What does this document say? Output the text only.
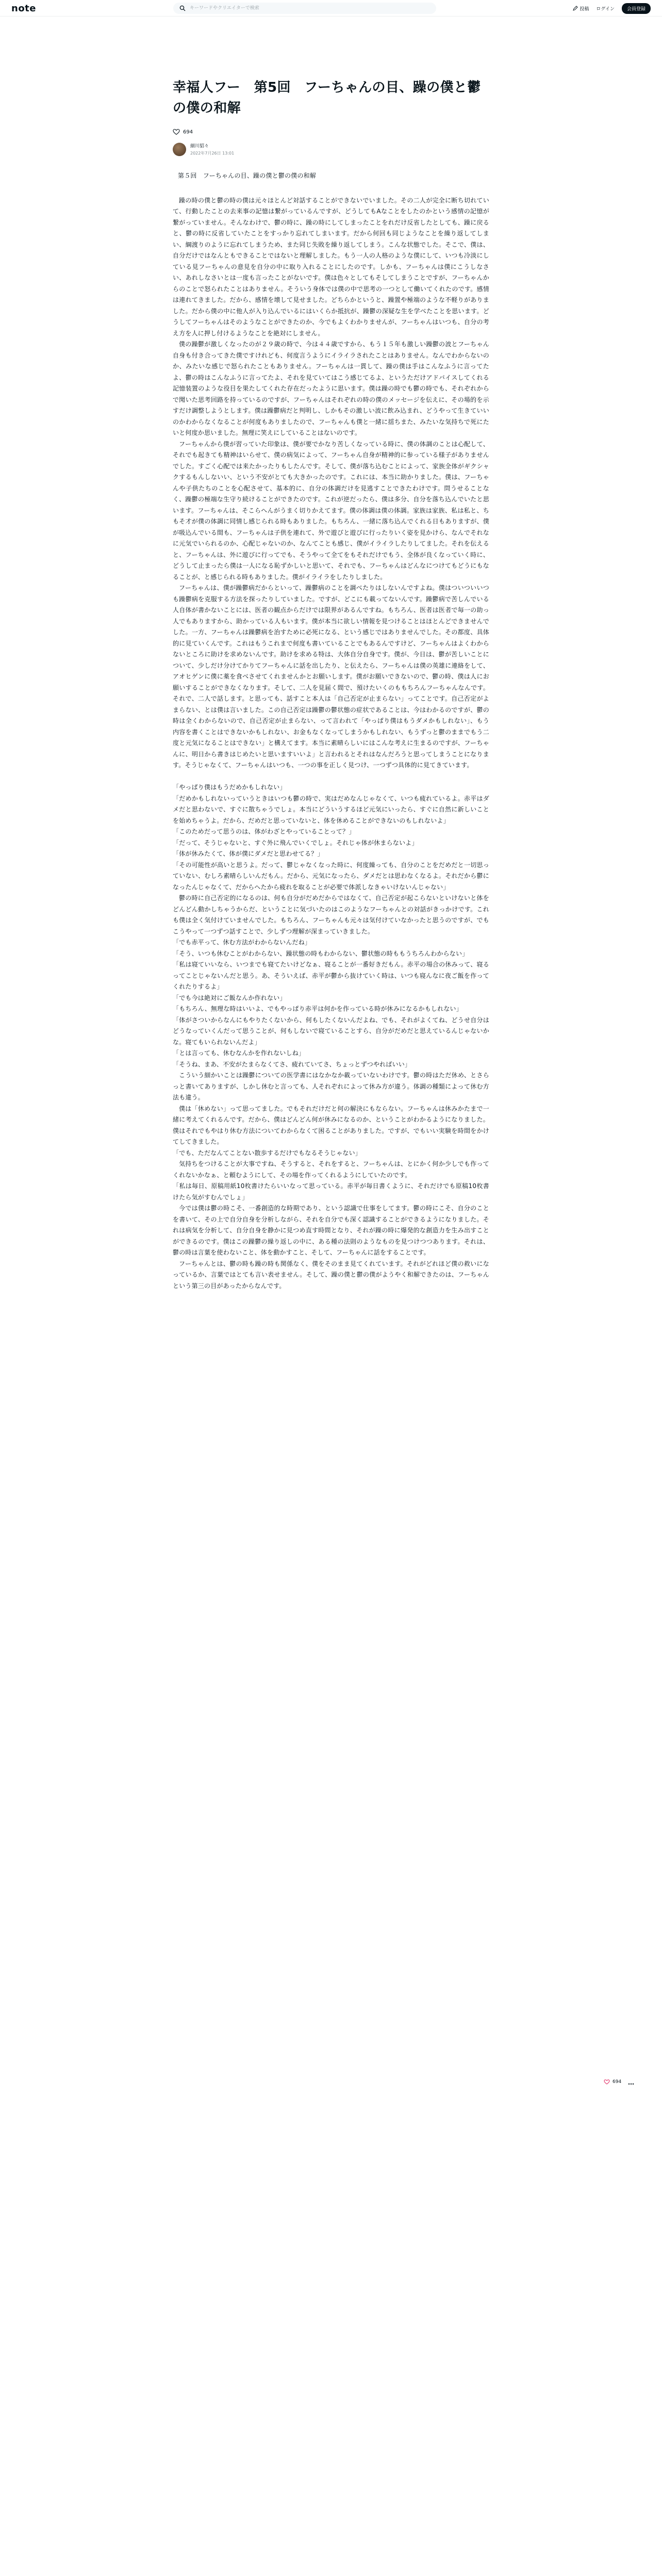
note
キーワードやクリエイターで検索	投稿 ログイン	会員登録
幸福人フー　第5回　フーちゃんの目、躁の僕と鬱の僕の和解
694
細川貂々
2022年7月26日 13:01
第５回　フーちゃんの目、躁の僕と鬱の僕の和解

躁の時の僕と鬱の時の僕は元々ほとんど対話することができないでいました。その二人が完全に断ち切れていて、行動したことの去来事の記憶は繋がっているんですが、どうしてもAなことをしたのかという感情の記憶が繋がっていません。そんなわけで、鬱の時に、躁の時にしてしまったことをれだけ反省したとしても、躁に戻ると、鬱の時に反省していたことをすっかり忘れてしまいます。だから何回も同じようなことを繰り返してしまい、綱渡りのように忘れてしまうため、また同じ失敗を繰り返してしまう。こんな状態でした。そこで、僕は、自分だけではなんともできることではないと理解しました。もう一人の人格のような僕にして、いつも冷淡にしている見フーちゃんの意見を自分の中に取り入れることにしたのです。しかも、フーちゃんは僕にこうしなさい、あれしなさいとは一度も言ったことがないです。僕は色々としてもそしてしまうことですが、フーちゃんからのことで怒られたことはありません。そういう身体では僕の中で思考の一つとして働いてくれたのです。感情は連れてきました。だから、感情を壊して見せました。どちらかというと、躁置や極端のような不軽りがありました。だから僕の中に他人が入り込んでいるにはいくらか抵抗が、躁鬱の深疑な生を学べたことを思います。どうしてフーちゃんはそのようなことができたのか、今でもよくわかりませんが、フーちゃんはいつも、自分の考え方を人に押し付けるようなことを絶対にしません。

僕の躁鬱が激しくなったのが２９歳の時で、今は４４歳ですから、もう１５年も激しい躁鬱の波とフーちゃん自身も付き合ってきた僕ですけれども、何度言うようにイライラされたことはありません。なんでわからないのか、みたいな感じで怒られたこともありません。フーちゃんは一貫して、躁の僕は手はこんなふうに言ってたよ、鬱の時はこんなふうに言ってたよ、それを見ていてはこう感じてるよ、というただけアドバイスしてくれる記憶装置のような役目を果たしてくれた存在だったように思います。僕は躁の時でも鬱の時でも、それぞれからで聞いた思考回路を持っているのですが、フーちゃんはそれぞれの時の僕のメッセージを伝えに、その場的を示すだけ調整しようとします。僕は躁鬱病だと判明し、しかもその激しい波に飲み込まれ、どうやって生きていいのかわからなくなることが何度もありましたので、フーちゃんも僕と一緒に揺ちまた、みたいな気持ちで死にたいと何度か思いました。無理に笑えにしていることはないのです。

フーちゃんから僕が習っていた印象は、僕が要でかなり苦しくなっている時に、僕の体調のことは心配して、それでも起きても精神はいらせて、僕の病気によって、フーちゃん自身が精神的に参っている様子がありませんでした。すごく心配では来たかったりもしたんです。そして、僕が落ち込むことによって、家族全体がギクシャクするもんしないい、という不安がとても大きかったのです。これには、本当に助かりました。僕は、フーちゃんや子供たちのことを心配させて、基本的に、自分の体調だけを見逃すことできたわけです。問うせることなく、躁鬱の極端な生守り続けることができたのです。これが逆だったら、僕は多分、自分を落ち込んでいたと思います。フーちゃんは、そこらへんがうまく切りかえてます。僕の体調は僕の体調。家族は家族、私は私と、ちもそ才が僕の体調に同情し感じられる時もありました。もちろん、一緒に落ち込んでくれる日もありますが、僕が吸込んでいる間も、フーちゃんは子供を連れて、外で遊びと遊びに行ったりいく姿を見かけら、なんでそれなに元気でいられるのか、心配じゃないのか、なんてことも感じ、僕がイライラしたりしてました。それを伝えると、フーちゃんは、外に遊びに行ってでも、そうやって全てをもそれだけでもう、全体が良くなっていく時に、どうして止まったら僕は一人になる恥ずかしいと思いて、それでも、フーちゃんはどんなにつけてもどうにもなることが、と感じられる時もありました。僕がイライラをしたりしました。

フーちゃんは、僕が躁鬱病だからといって、躁鬱病のことを調べたりはしないんですよね。僕はついついいつも躁鬱病を克服する方法を探ったりしていました。ですが、どこにも載ってないんです。躁鬱病で苦しんでいる人自体が書かないことには、医者の観点からだけでは限界があるんですね。もちろん、医者は医者で毎一の助っ人でもありますから、助かっている人もいます。僕が本当に欲しい情報を見つけることはほとんどできませんでした。一方、フーちゃんは躁鬱病を治すために必死になる、という感じではありませんでした。その都度、具体的に見ていくんです。これはもうこれまで何度も書いていることでもあるんですけど、フーちゃんはよくわからないところに助けを求めないんです。助けを求める特は、大体自分自身です。僕が、今日は、鬱が苦しいことについて、少しだけ分けてかりてフーちゃんに話を出したり、と伝えたら、フーちゃんは僕の英雄に連絡をして、アオヒゲンに僕に薬を食べさせてくれませんかとお願いします。僕がお願いできないので、鬱の時、僕は人にお願いすることができなくなります。そして、二人を見届く間で、預けたいくのももちろんフーちゃんなんです。それで、二人で話します。と思っても、話すこと本人は「自己否定が止まらない」ってことです。自己否定がよまらない、とは僕は言いました。この自己否定は躁鬱の鬱状態の症状であることは、今はわかるのですが、鬱の時は全くわからないので、自己否定が止まらない、って言われて「やっぱり僕はもうダメかもしれない」、もう内容を書くことはできないかもしれない、お金もなくなってしまうかもしれない、もうずっと鬱のままでもう二度と元気になることはできない」と構えてます。本当に素晴らしいにはこんな考えに生まるのですが、フーちゃんに、明日から書きはじめたいと思いますいいよ」と言われるとそれはなんだろうと思ってしまうことになります。そうじゃなくて、フーちゃんはいつも、一つの事を正しく見つけ、一つずつ具体的に見てきています。

「やっぱり僕はもうだめかもしれない」

「だめかもしれないっていうときはいつも鬱の時で、実はだめなんじゃなくて、いつも疲れているよ。赤平はダメだと思わないで、すぐに散ちゃうでしょ。本当にどういうするほど元気にいったら、すぐに自然に新しいことを始めちゃうよ。だから、だめだと思っていないと、体を休めることができないのもしれないよ」

「このためだって思うのは、体がわざとやっていることって？」

「だって、そうじゃないと、すぐ外に飛んでいくでしょ。それじゃ体が休まらないよ」

「体が休みたくて、体が僕にダメだと思わせてる？」

「その可能性が高いと思うよ。だって、鬱じゃなくなった時に、何度繰っても、自分のことをだめだと一切思っていない、むしろ素晴らしいんだもん。だから、元気になったら、ダメだとは思わなくなるよ。それだから鬱になったんじゃなくて、だからへたから疲れを取ることが必要で体派しなきゃいけないんじゃない」

鬱の時に自己否定的になるのは、何も自分がだめだからではなくて、自己否定が起こらないといけないと体をどんどん動かしちゃうからだ、ということに気づいたのはこのようなフーちゃんとの対話がきっかけです。これも僕は全く気付けていませんでした。もちろん、フーちゃんも元々は気付けていなかったと思うのですが、でもこうやって一つずつ話すことで、少しずつ理解が深まっていきました。

「でも赤平って、休む方法がわからないんだね」

「そう、いつも休むことがわからない、躁状態の時もわからない、鬱状態の時ももうちろんわからない」

「私は寝ていいなら、いつまでも寝てたいけどなぁ、寝ることが一番好きだもん。赤平の場合の休みって、寝るってことじゃないんだと思う。あ、そういえば、赤平が鬱から抜けていく時は、いつも寝んなに夜ご飯を作ってくれたりするよ」

「でも今は絶対にご飯なんか作れない」

「もちろん、無理な時はいいよ、でもやっぱり赤平は何かを作っている時が休みになるかもしれない」

「体がさついからなんにもやりたくないから、何もしたくないんだよね、でも、それがよくてね、どうせ自分はどうなっていくんだって思うことが、何もしないで寝ていることすら、自分がだめだと思えているんじゃないかな。寝てもいられないんだよ」

「とは言っても、休むなんかを作れないしね」

「そうね、まあ、不安がたまらなくてさ、疲れていてさ、ちょっとずつやればいい」

こういう細かいことは躁鬱についての医学書にはなかなか載っていないわけです。鬱の時はただ休め、とさらっと書いてありますが、しかし休むと言っても、人それぞれによって休み方が違う。体調の種類によって休む方法も違う。

僕は「休めない」って思ってました。でもそれだけだと何の解決にもならない。フーちゃんは休みかたまで一緒に考えてくれるんです。だから、僕はどんどん何が休みになるのか、ということがわかるようになりました。僕はそれでもやはり休む方法についてわからなくて困ることがありました。ですが、でもいい実験を時間をかけてしてきました。

「でも、ただなんてことない散歩するだけでもなるそうじゃない」

気持ちをつけることが大事ですね、そうすると、それをすると、フーちゃんは、とにかく何か少しでも作ってくれないかなぁ、と頼むようにして、その場を作ってくれるようにしていたのです。

「私は毎日、原稿用紙10枚書けたらいいなって思っている。赤平が毎日書くように、それだけでも原稿10枚書けたら気がすむんでしょ」

今では僕は鬱の時こそ、一番創造的な時期であり、という認識で仕事をしてます。鬱の時にこそ、自分のことを書いて、その上で自分自身を分析しながら、それを自分でも深く認識することができるようになりました。それは病気を分析して、自分自身を静かに見つめ直す時間となり、それが躁の時に爆発的な創造力を生み出すことができるのです。僕はこの躁鬱の繰り返しの中に、ある種の法則のようなものを見つけつつあります。それは、鬱の時は言葉を使わないこと、体を動かすこと、そして、フーちゃんに話をすることです。

フーちゃんとは、鬱の時も躁の時も関係なく、僕をそのまま見てくれています。それがどれほど僕の救いになっているか、言葉ではとても言い表せません。そして、躁の僕と鬱の僕がようやく和解できたのは、フーちゃんという第三の目があったからなんです。

694
